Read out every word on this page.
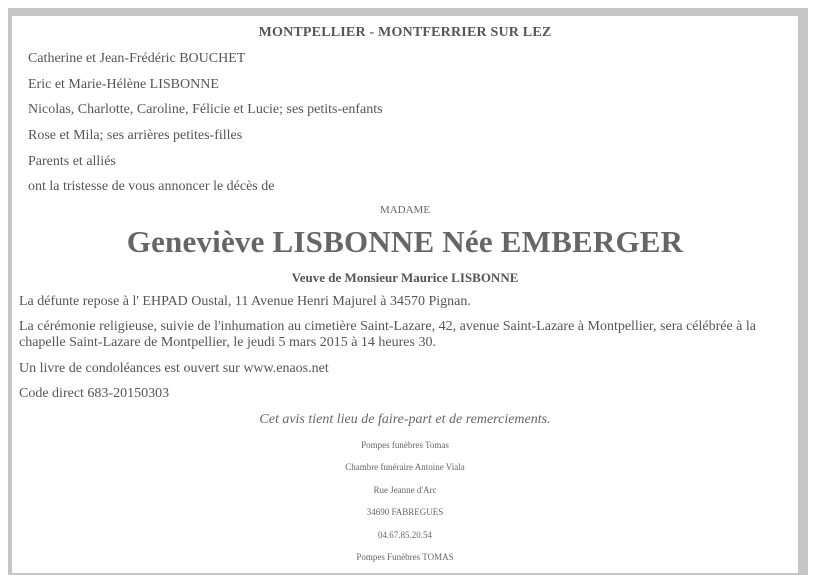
MONTPELLIER - MONTFERRIER SUR LEZ
Catherine et Jean-Frédéric BOUCHET
Eric et Marie-Hélène LISBONNE
Nicolas, Charlotte, Caroline, Félicie et Lucie; ses petits-enfants
Rose et Mila; ses arrières petites-filles
Parents et alliés
ont la tristesse de vous annoncer le décès de
MADAME
Geneviève LISBONNE Née EMBERGER
Veuve de Monsieur Maurice LISBONNE
La défunte repose à l' EHPAD Oustal, 11 Avenue Henri Majurel à 34570 Pignan.
La cérémonie religieuse, suivie de l'inhumation au cimetière Saint-Lazare, 42, avenue Saint-Lazare à Montpellier, sera célébrée à la chapelle Saint-Lazare de Montpellier, le jeudi 5 mars 2015 à 14 heures 30.
Un livre de condoléances est ouvert sur www.enaos.net
Code direct 683-20150303
Cet avis tient lieu de faire-part et de remerciements.
Pompes funèbres Tomas
Chambre funéraire Antoine Viala
Rue Jeanne d'Arc
34690 FABREGUES
04.67.85.20.54
Pompes Funèbres TOMAS
